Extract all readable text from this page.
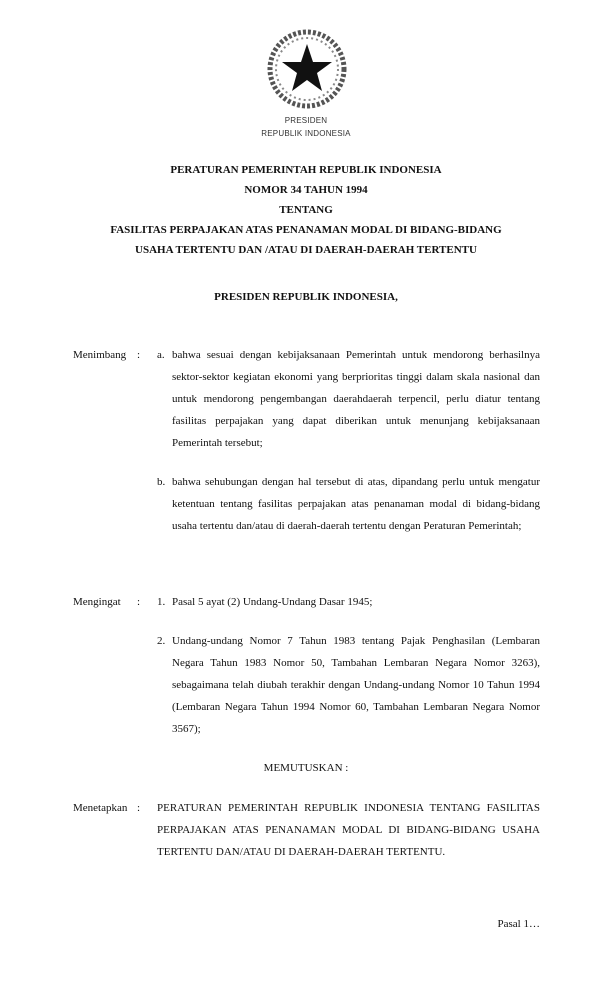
PRESIDEN
REPUBLIK INDONESIA
PERATURAN PEMERINTAH REPUBLIK INDONESIA
NOMOR 34 TAHUN 1994
TENTANG
FASILITAS PERPAJAKAN ATAS PENANAMAN MODAL DI BIDANG-BIDANG
USAHA TERTENTU DAN /ATAU DI DAERAH-DAERAH TERTENTU
PRESIDEN REPUBLIK INDONESIA,
Menimbang : a. bahwa sesuai dengan kebijaksanaan Pemerintah untuk mendorong berhasilnya sektor-sektor kegiatan ekonomi yang berprioritas tinggi dalam skala nasional dan untuk mendorong pengembangan daerahdaerah terpencil, perlu diatur tentang fasilitas perpajakan yang dapat diberikan untuk menunjang kebijaksanaan Pemerintah tersebut;
b. bahwa sehubungan dengan hal tersebut di atas, dipandang perlu untuk mengatur ketentuan tentang fasilitas perpajakan atas penanaman modal di bidang-bidang usaha tertentu dan/atau di daerah-daerah tertentu dengan Peraturan Pemerintah;
Mengingat : 1. Pasal 5 ayat (2) Undang-Undang Dasar 1945;
2. Undang-undang Nomor 7 Tahun 1983 tentang Pajak Penghasilan (Lembaran Negara Tahun 1983 Nomor 50, Tambahan Lembaran Negara Nomor 3263), sebagaimana telah diubah terakhir dengan Undang-undang Nomor 10 Tahun 1994 (Lembaran Negara Tahun 1994 Nomor 60, Tambahan Lembaran Negara Nomor 3567);
MEMUTUSKAN :
Menetapkan : PERATURAN PEMERINTAH REPUBLIK INDONESIA TENTANG FASILITAS PERPAJAKAN ATAS PENANAMAN MODAL DI BIDANG-BIDANG USAHA TERTENTU DAN/ATAU DI DAERAH-DAERAH TERTENTU.
Pasal 1…
